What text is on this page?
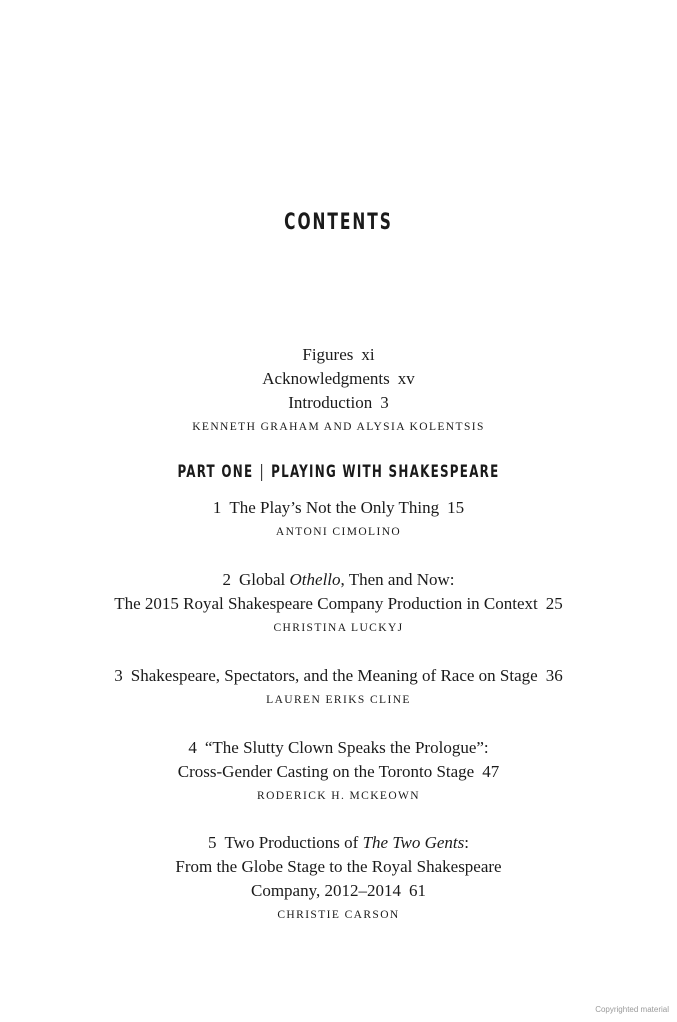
CONTENTS
Figures xi
Acknowledgments xv
Introduction 3
KENNETH GRAHAM AND ALYSIA KOLENTSIS
PART ONE | PLAYING WITH SHAKESPEARE
1 The Play’s Not the Only Thing 15
ANTONI CIMOLINO
2 Global Othello, Then and Now:
The 2015 Royal Shakespeare Company Production in Context 25
CHRISTINA LUCKYJ
3 Shakespeare, Spectators, and the Meaning of Race on Stage 36
LAUREN ERIKS CLINE
4 “The Slutty Clown Speaks the Prologue”:
Cross-Gender Casting on the Toronto Stage 47
RODERICK H. MCKEOWN
5 Two Productions of The Two Gents:
From the Globe Stage to the Royal Shakespeare
Company, 2012–2014 61
CHRISTIE CARSON
Copyrighted material
